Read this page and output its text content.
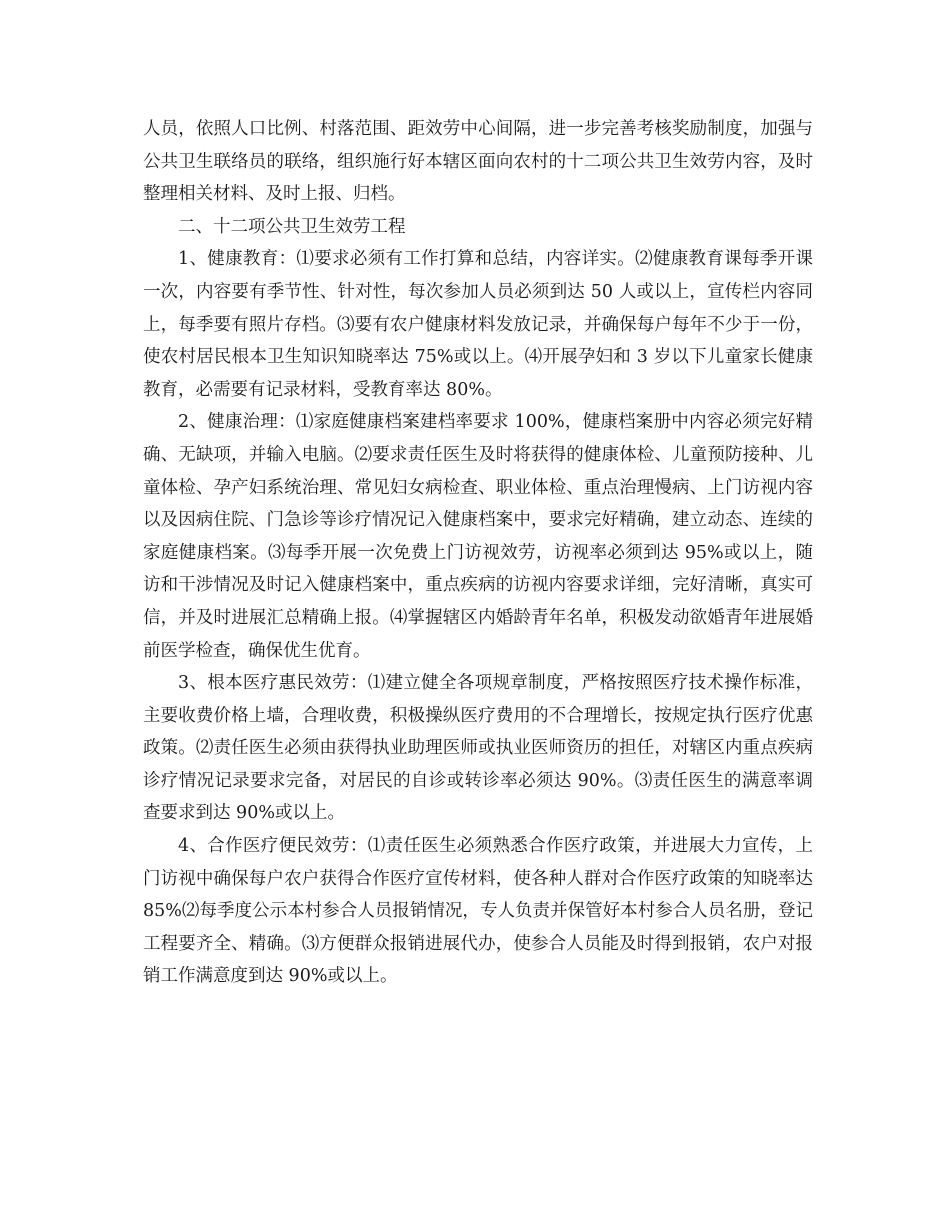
人员，依照人口比例、村落范围、距效劳中心间隔，进一步完善考核奖励制度，加强与公共卫生联络员的联络，组织施行好本辖区面向农村的十二项公共卫生效劳内容，及时整理相关材料、及时上报、归档。

二、十二项公共卫生效劳工程

1、健康教育：⑴要求必须有工作打算和总结，内容详实。⑵健康教育课每季开课一次，内容要有季节性、针对性，每次参加人员必须到达 50 人或以上，宣传栏内容同上，每季要有照片存档。⑶要有农户健康材料发放记录，并确保每户每年不少于一份，使农村居民根本卫生知识知晓率达 75%或以上。⑷开展孕妇和 3 岁以下儿童家长健康教育，必需要有记录材料，受教育率达 80%。

2、健康治理：⑴家庭健康档案建档率要求 100%，健康档案册中内容必须完好精确、无缺项，并输入电脑。⑵要求责任医生及时将获得的健康体检、儿童预防接种、儿童体检、孕产妇系统治理、常见妇女病检查、职业体检、重点治理慢病、上门访视内容以及因病住院、门急诊等诊疗情况记入健康档案中，要求完好精确，建立动态、连续的家庭健康档案。⑶每季开展一次免费上门访视效劳，访视率必须到达 95%或以上，随访和干涉情况及时记入健康档案中，重点疾病的访视内容要求详细，完好清晰，真实可信，并及时进展汇总精确上报。⑷掌握辖区内婚龄青年名单，积极发动欲婚青年进展婚前医学检查，确保优生优育。

3、根本医疗惠民效劳：⑴建立健全各项规章制度，严格按照医疗技术操作标准，主要收费价格上墙，合理收费，积极操纵医疗费用的不合理增长，按规定执行医疗优惠政策。⑵责任医生必须由获得执业助理医师或执业医师资历的担任，对辖区内重点疾病诊疗情况记录要求完备，对居民的自诊或转诊率必须达 90%。⑶责任医生的满意率调查要求到达 90%或以上。

4、合作医疗便民效劳：⑴责任医生必须熟悉合作医疗政策，并进展大力宣传，上门访视中确保每户农户获得合作医疗宣传材料，使各种人群对合作医疗政策的知晓率达 85%⑵每季度公示本村参合人员报销情况，专人负责并保管好本村参合人员名册，登记工程要齐全、精确。⑶方便群众报销进展代办，使参合人员能及时得到报销，农户对报销工作满意度到达 90%或以上。
